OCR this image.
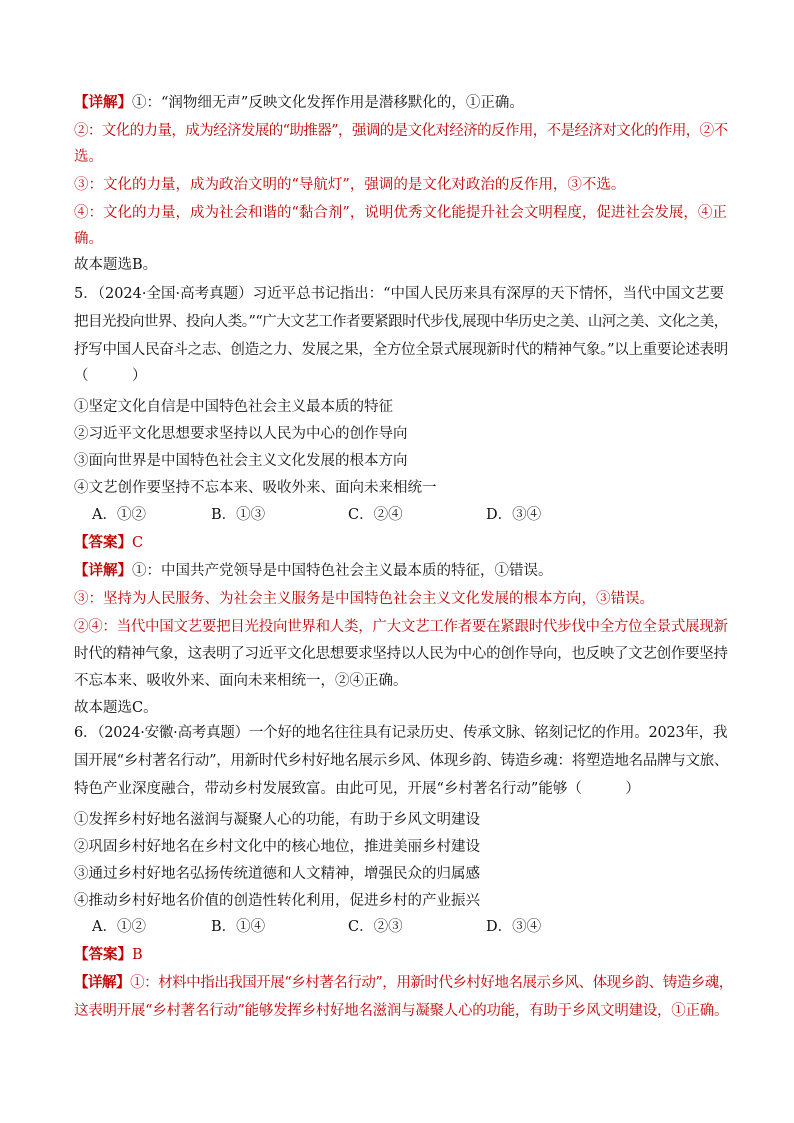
【详解】①：“润物细无声”反映文化发挥作用是潜移默化的，①正确。
②：文化的力量，成为经济发展的“助推器”，强调的是文化对经济的反作用，不是经济对文化的作用，②不
选。
③：文化的力量，成为政治文明的“导航灯”，强调的是文化对政治的反作用，③不选。
④：文化的力量，成为社会和谐的“黏合剂”，说明优秀文化能提升社会文明程度，促进社会发展，④正
确。
故本题选B。
5．（2024·全国·高考真题）习近平总书记指出：“中国人民历来具有深厚的天下情怀，当代中国文艺要
把目光投向世界、投向人类。”“广大文艺工作者要紧跟时代步伐,展现中华历史之美、山河之美、文化之美，
抒写中国人民奋斗之志、创造之力、发展之果，全方位全景式展现新时代的精神气象。”以上重要论述表明
（　　　）
①坚定文化自信是中国特色社会主义最本质的特征
②习近平文化思想要求坚持以人民为中心的创作导向
③面向世界是中国特色社会主义文化发展的根本方向
④文艺创作要坚持不忘本来、吸收外来、面向未来相统一
A．①②	B．①③	C．②④	D．③④
【答案】C
【详解】①：中国共产党领导是中国特色社会主义最本质的特征，①错误。
③：坚持为人民服务、为社会主义服务是中国特色社会主义文化发展的根本方向，③错误。
②④：当代中国文艺要把目光投向世界和人类，广大文艺工作者要在紧跟时代步伐中全方位全景式展现新
时代的精神气象，这表明了习近平文化思想要求坚持以人民为中心的创作导向，也反映了文艺创作要坚持
不忘本来、吸收外来、面向未来相统一，②④正确。
故本题选C。
6．（2024·安徽·高考真题）一个好的地名往往具有记录历史、传承文脉、铭刻记忆的作用。2023年，我
国开展“乡村著名行动”，用新时代乡村好地名展示乡风、体现乡韵、铸造乡魂：将塑造地名品牌与文旅、
特色产业深度融合，带动乡村发展致富。由此可见，开展“乡村著名行动”能够（　　　）
①发挥乡村好地名滋润与凝聚人心的功能，有助于乡风文明建设
②巩固乡村好地名在乡村文化中的核心地位，推进美丽乡村建设
③通过乡村好地名弘扬传统道德和人文精神，增强民众的归属感
④推动乡村好地名价值的创造性转化利用，促进乡村的产业振兴
A．①②	B．①④	C．②③	D．③④
【答案】B
【详解】①：材料中指出我国开展“乡村著名行动”，用新时代乡村好地名展示乡风、体现乡韵、铸造乡魂，
这表明开展“乡村著名行动”能够发挥乡村好地名滋润与凝聚人心的功能，有助于乡风文明建设，①正确。
